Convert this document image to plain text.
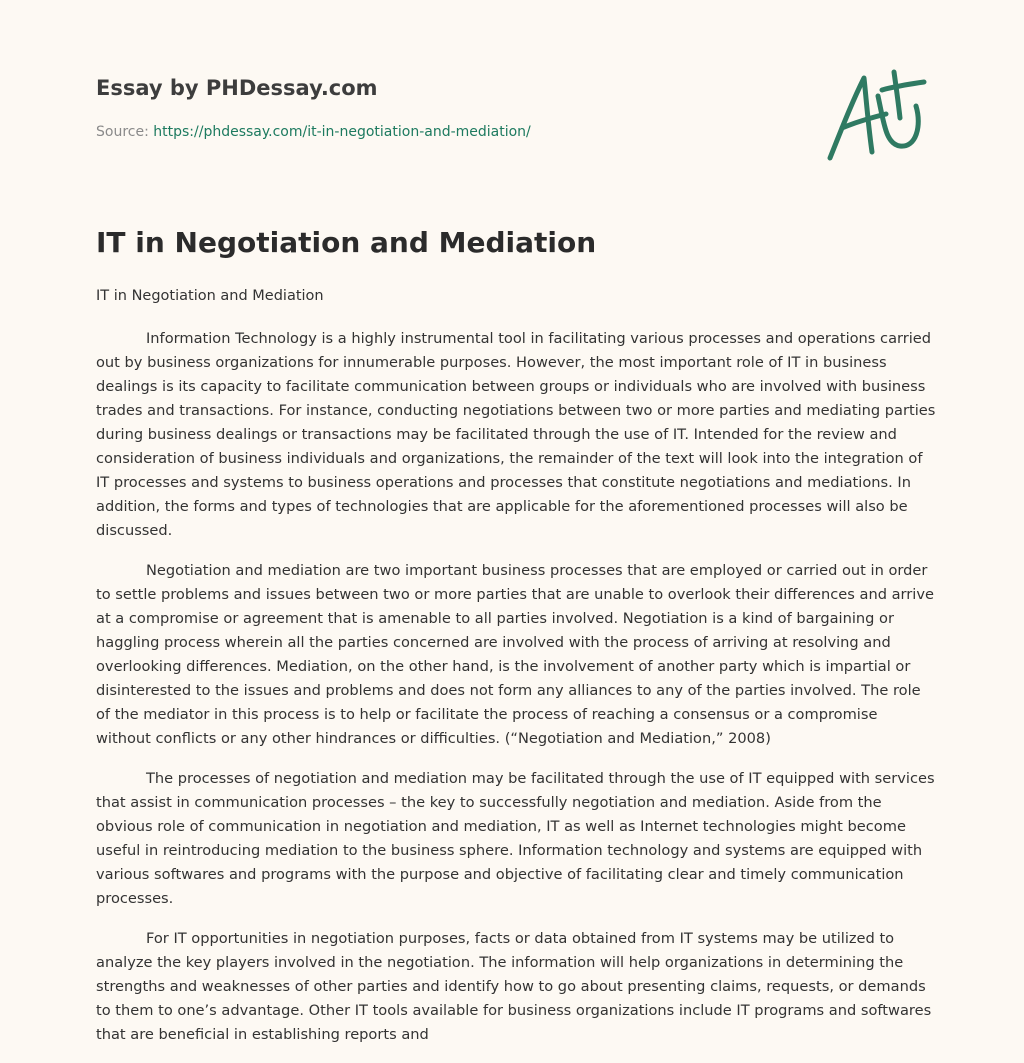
Essay by PHDessay.com

Source: https://phdessay.com/it-in-negotiation-and-mediation/

IT in Negotiation and Mediation

IT in Negotiation and Mediation

Information Technology is a highly instrumental tool in facilitating various processes and operations carried out by business organizations for innumerable purposes. However, the most important role of IT in business dealings is its capacity to facilitate communication between groups or individuals who are involved with business trades and transactions. For instance, conducting negotiations between two or more parties and mediating parties during business dealings or transactions may be facilitated through the use of IT. Intended for the review and consideration of business individuals and organizations, the remainder of the text will look into the integration of IT processes and systems to business operations and processes that constitute negotiations and mediations. In addition, the forms and types of technologies that are applicable for the aforementioned processes will also be discussed.

Negotiation and mediation are two important business processes that are employed or carried out in order to settle problems and issues between two or more parties that are unable to overlook their differences and arrive at a compromise or agreement that is amenable to all parties involved. Negotiation is a kind of bargaining or haggling process wherein all the parties concerned are involved with the process of arriving at resolving and overlooking differences. Mediation, on the other hand, is the involvement of another party which is impartial or disinterested to the issues and problems and does not form any alliances to any of the parties involved. The role of the mediator in this process is to help or facilitate the process of reaching a consensus or a compromise without conflicts or any other hindrances or difficulties. (“Negotiation and Mediation,” 2008)

The processes of negotiation and mediation may be facilitated through the use of IT equipped with services that assist in communication processes – the key to successfully negotiation and mediation. Aside from the obvious role of communication in negotiation and mediation, IT as well as Internet technologies might become useful in reintroducing mediation to the business sphere. Information technology and systems are equipped with various softwares and programs with the purpose and objective of facilitating clear and timely communication processes.

For IT opportunities in negotiation purposes, facts or data obtained from IT systems may be utilized to analyze the key players involved in the negotiation. The information will help organizations in determining the strengths and weaknesses of other parties and identify how to go about presenting claims, requests, or demands to them to one’s advantage. Other IT tools available for business organizations include IT programs and softwares that are beneficial in establishing reports and
